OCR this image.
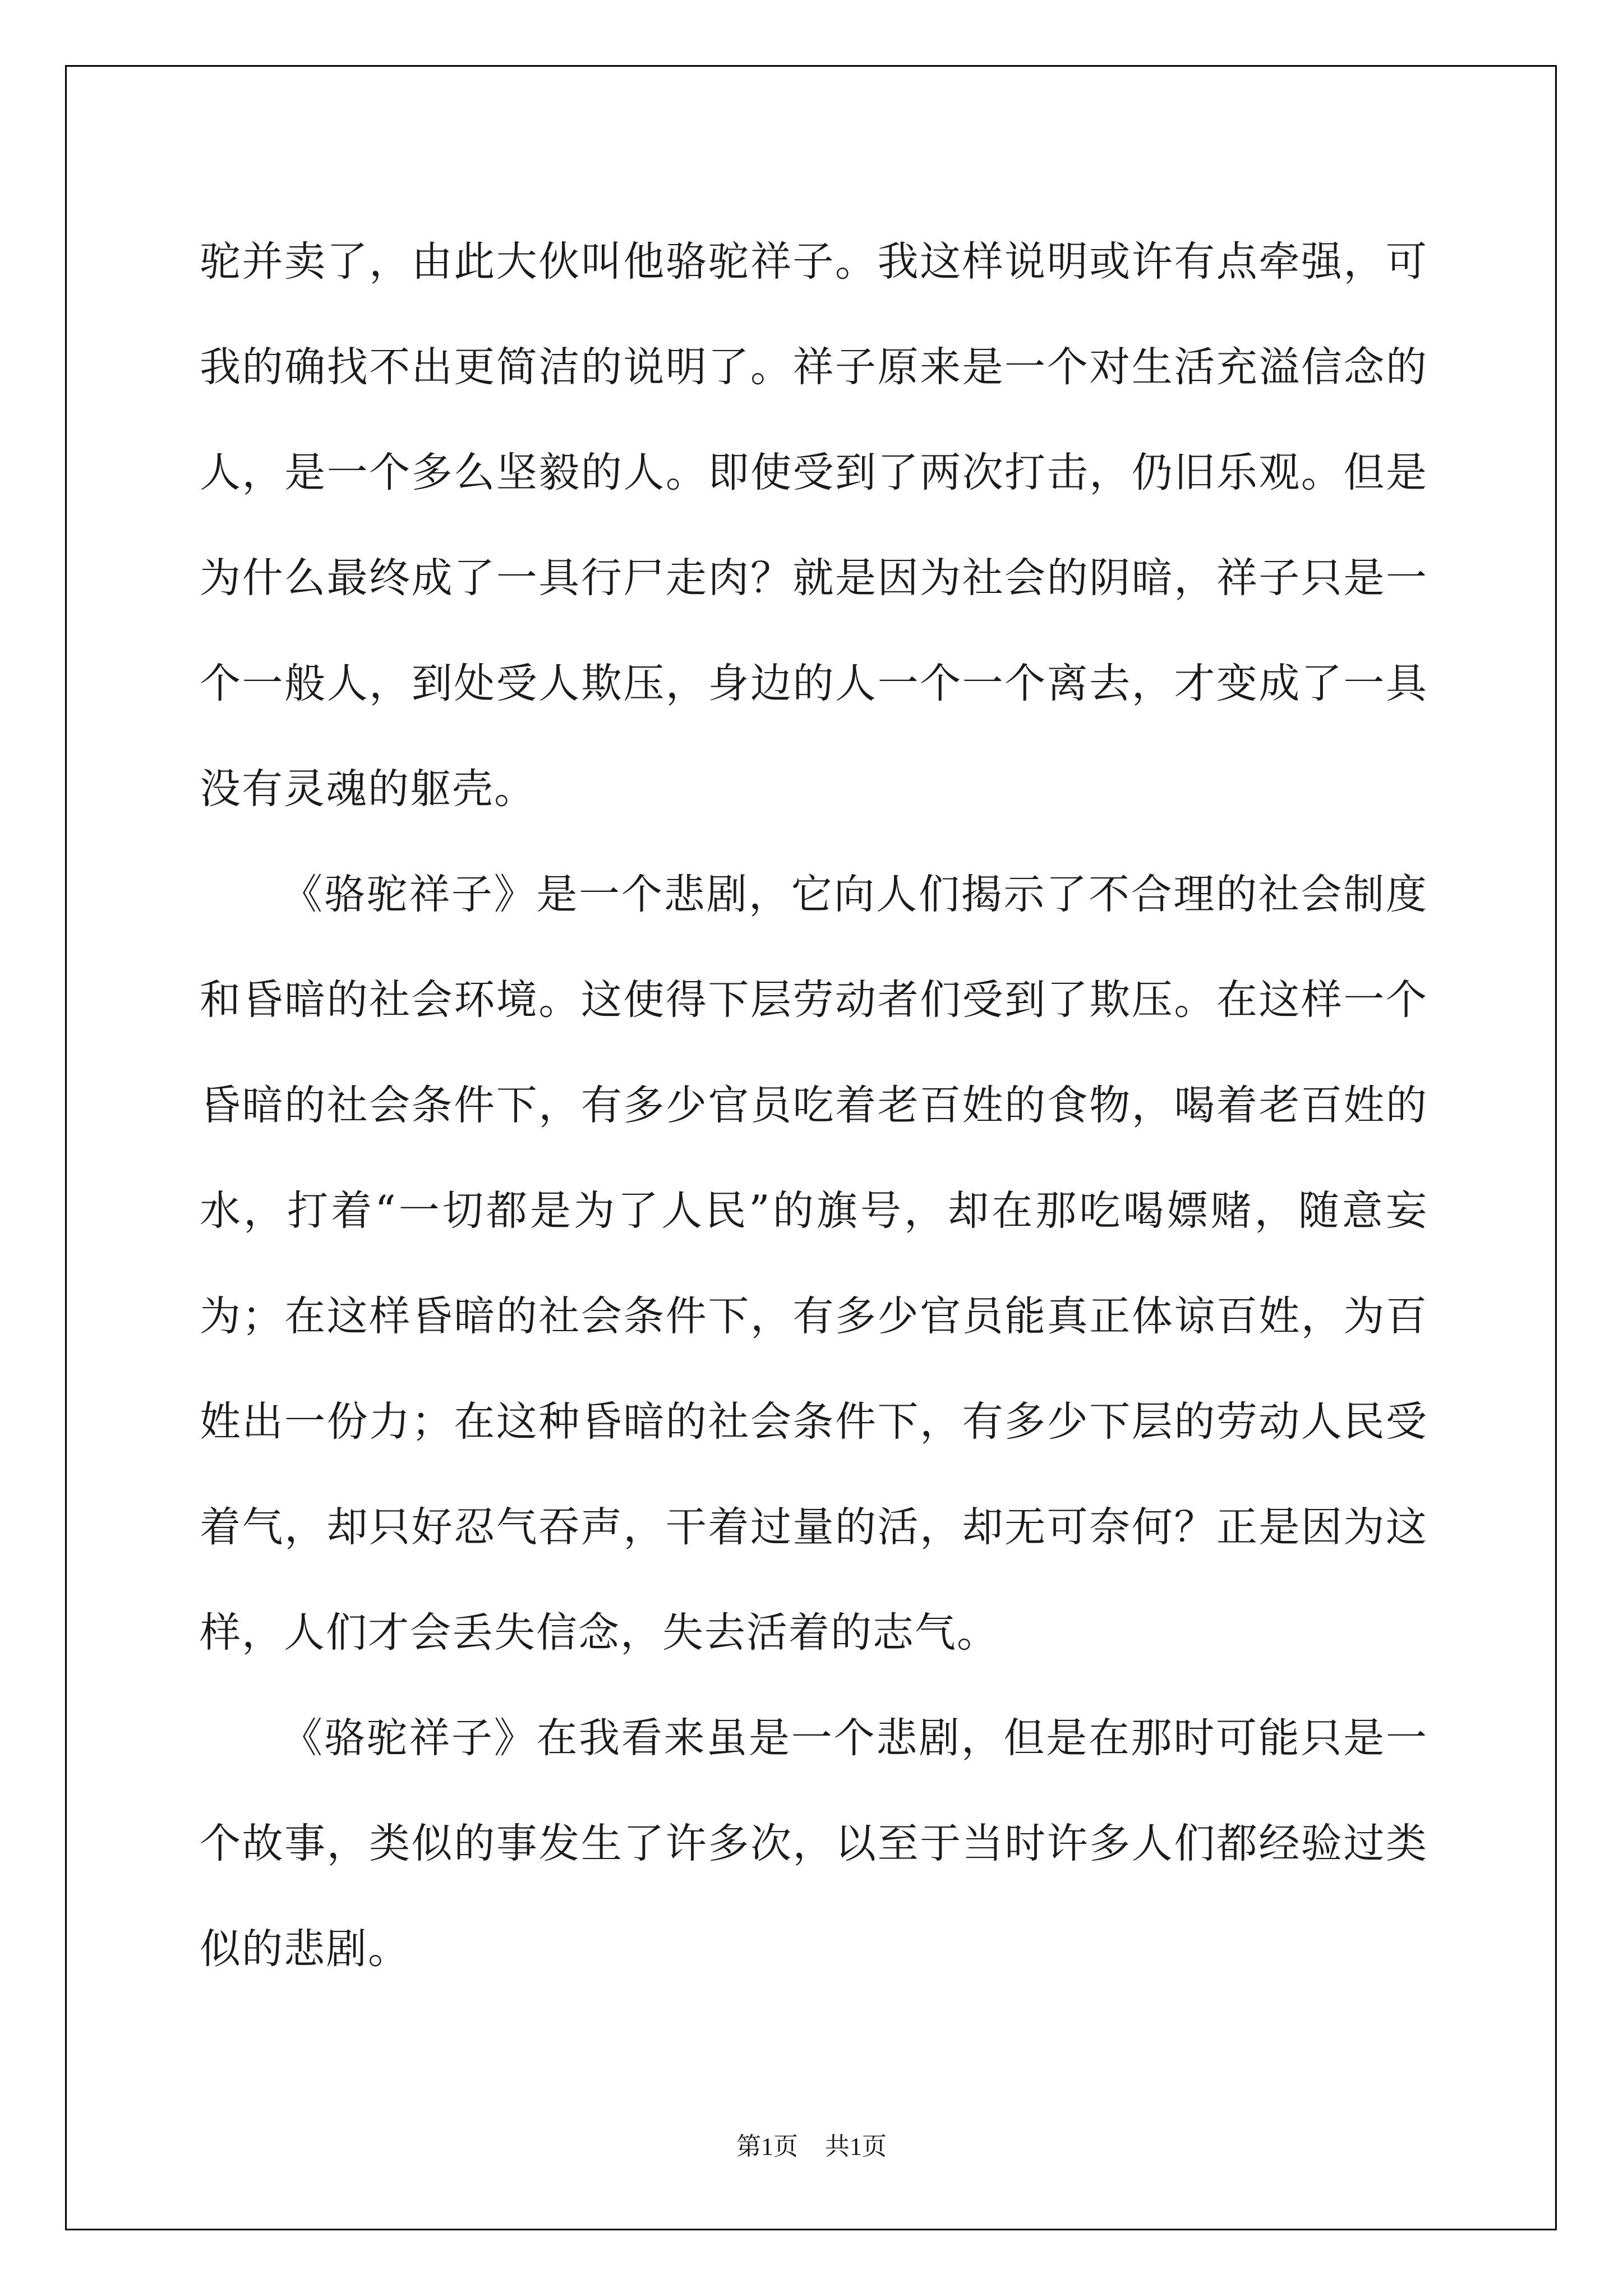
驼并卖了，由此大伙叫他骆驼祥子。我这样说明或许有点牵强，可我的确找不出更简洁的说明了。祥子原来是一个对生活充溢信念的人，是一个多么坚毅的人。即使受到了两次打击，仍旧乐观。但是为什么最终成了一具行尸走肉？就是因为社会的阴暗，祥子只是一个一般人，到处受人欺压，身边的人一个一个离去，才变成了一具没有灵魂的躯壳。

《骆驼祥子》是一个悲剧，它向人们揭示了不合理的社会制度和昏暗的社会环境。这使得下层劳动者们受到了欺压。在这样一个昏暗的社会条件下，有多少官员吃着老百姓的食物，喝着老百姓的水，打着“一切都是为了人民”的旗号，却在那吃喝嫖赌，随意妄为；在这样昏暗的社会条件下，有多少官员能真正体谅百姓，为百姓出一份力；在这种昏暗的社会条件下，有多少下层的劳动人民受着气，却只好忍气吞声，干着过量的活，却无可奈何？正是因为这样，人们才会丢失信念，失去活着的志气。

《骆驼祥子》在我看来虽是一个悲剧，但是在那时可能只是一个故事，类似的事发生了许多次，以至于当时许多人们都经验过类似的悲剧。

第1页 共1页
